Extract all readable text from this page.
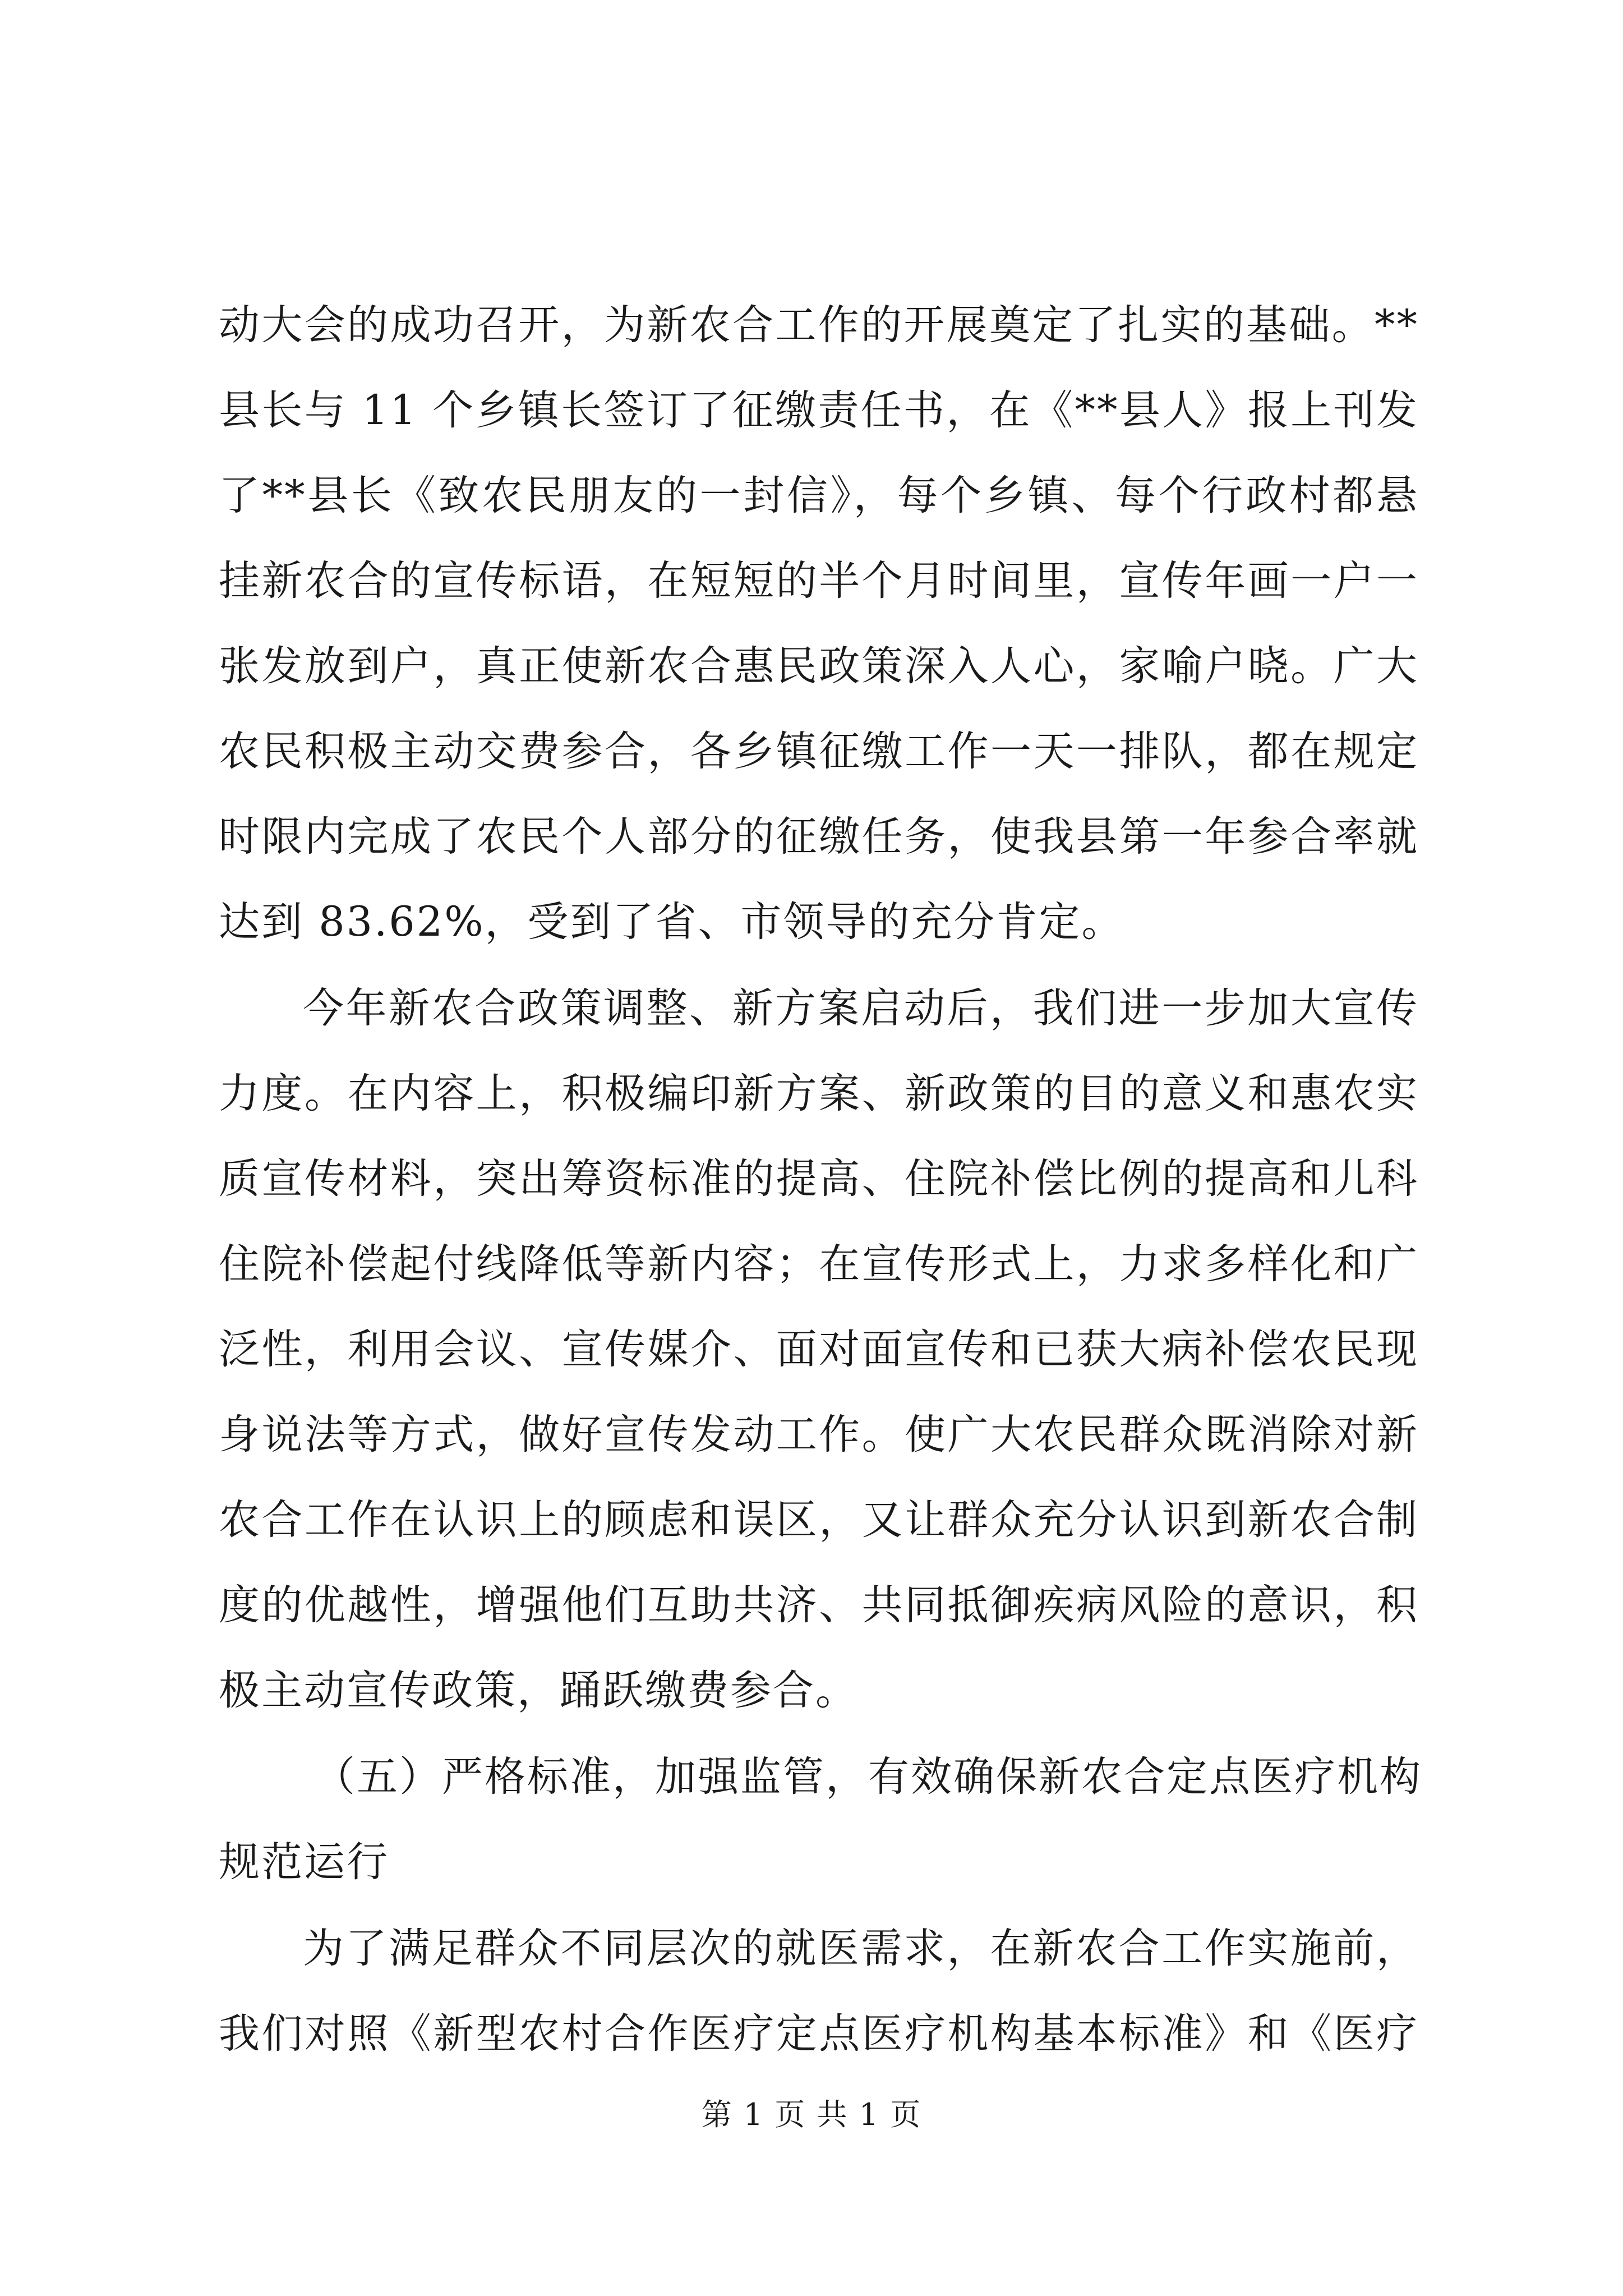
动大会的成功召开，为新农合工作的开展奠定了扎实的基础。**

县长与 11 个乡镇长签订了征缴责任书，在《**县人》报上刊发

了**县长《致农民朋友的一封信》，每个乡镇、每个行政村都悬

挂新农合的宣传标语，在短短的半个月时间里，宣传年画一户一

张发放到户，真正使新农合惠民政策深入人心，家喻户晓。广大

农民积极主动交费参合，各乡镇征缴工作一天一排队，都在规定

时限内完成了农民个人部分的征缴任务，使我县第一年参合率就

达到 83.62%，受到了省、市领导的充分肯定。

今年新农合政策调整、新方案启动后，我们进一步加大宣传

力度。在内容上，积极编印新方案、新政策的目的意义和惠农实

质宣传材料，突出筹资标准的提高、住院补偿比例的提高和儿科

住院补偿起付线降低等新内容；在宣传形式上，力求多样化和广

泛性，利用会议、宣传媒介、面对面宣传和已获大病补偿农民现

身说法等方式，做好宣传发动工作。使广大农民群众既消除对新

农合工作在认识上的顾虑和误区，又让群众充分认识到新农合制

度的优越性，增强他们互助共济、共同抵御疾病风险的意识，积

极主动宣传政策，踊跃缴费参合。

（五）严格标准，加强监管，有效确保新农合定点医疗机构

规范运行

为了满足群众不同层次的就医需求，在新农合工作实施前，

我们对照《新型农村合作医疗定点医疗机构基本标准》和《医疗

第 1 页 共 1 页
